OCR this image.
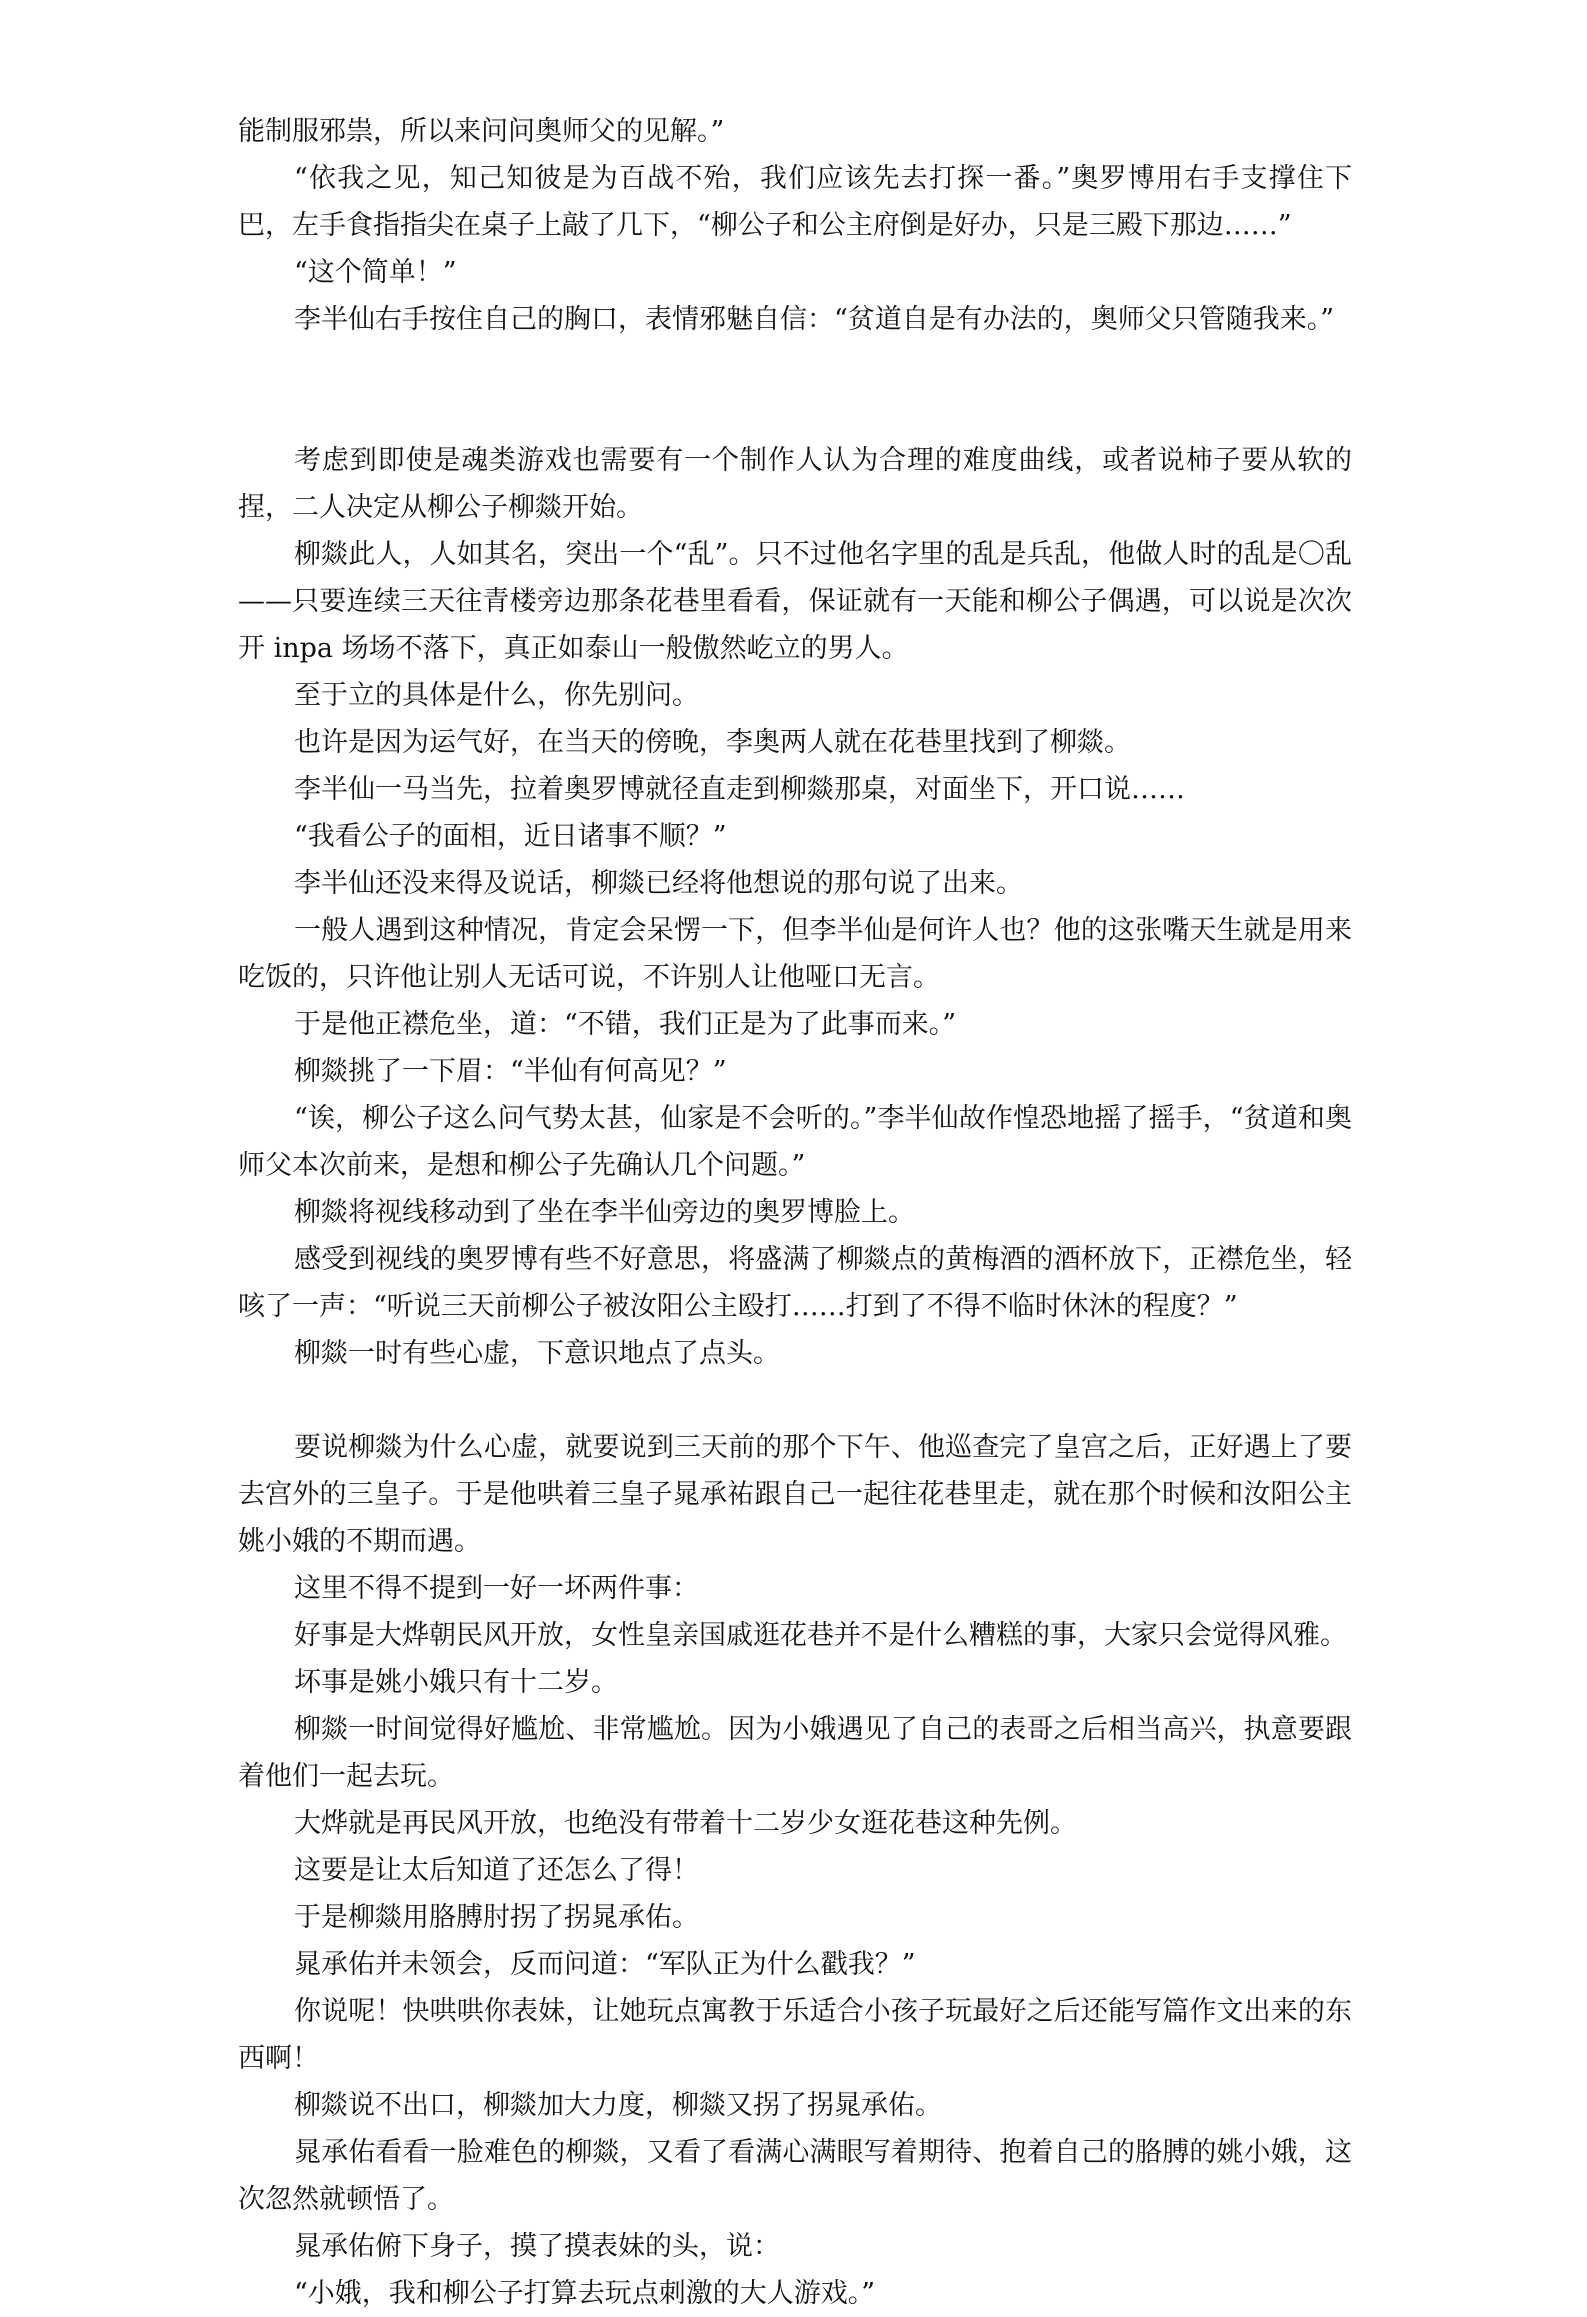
能制服邪祟，所以来问问奥师父的见解。”

“依我之见，知己知彼是为百战不殆，我们应该先去打探一番。”奥罗博用右手支撑住下巴，左手食指指尖在桌子上敲了几下，“柳公子和公主府倒是好办，只是三殿下那边……”

“这个简单！”

李半仙右手按住自己的胸口，表情邪魅自信：“贫道自是有办法的，奥师父只管随我来。”

考虑到即使是魂类游戏也需要有一个制作人认为合理的难度曲线，或者说柿子要从软的捏，二人决定从柳公子柳燚开始。

柳燚此人，人如其名，突出一个“乱”。只不过他名字里的乱是兵乱，他做人时的乱是〇乱——只要连续三天往青楼旁边那条花巷里看看，保证就有一天能和柳公子偶遇，可以说是次次开 inpa 场场不落下，真正如泰山一般傲然屹立的男人。

至于立的具体是什么，你先别问。

也许是因为运气好，在当天的傍晚，李奥两人就在花巷里找到了柳燚。

李半仙一马当先，拉着奥罗博就径直走到柳燚那桌，对面坐下，开口说……

“我看公子的面相，近日诸事不顺？”

李半仙还没来得及说话，柳燚已经将他想说的那句说了出来。

一般人遇到这种情况，肯定会呆愣一下，但李半仙是何许人也？他的这张嘴天生就是用来吃饭的，只许他让别人无话可说，不许别人让他哑口无言。

于是他正襟危坐，道：“不错，我们正是为了此事而来。”

柳燚挑了一下眉：“半仙有何高见？”

“诶，柳公子这么问气势太甚，仙家是不会听的。”李半仙故作惶恐地摇了摇手，“贫道和奥师父本次前来，是想和柳公子先确认几个问题。”

柳燚将视线移动到了坐在李半仙旁边的奥罗博脸上。

感受到视线的奥罗博有些不好意思，将盛满了柳燚点的黄梅酒的酒杯放下，正襟危坐，轻咳了一声：“听说三天前柳公子被汝阳公主殴打……打到了不得不临时休沐的程度？”

柳燚一时有些心虚，下意识地点了点头。

要说柳燚为什么心虚，就要说到三天前的那个下午、他巡查完了皇宫之后，正好遇上了要去宫外的三皇子。于是他哄着三皇子晁承祐跟自己一起往花巷里走，就在那个时候和汝阳公主姚小娥的不期而遇。

这里不得不提到一好一坏两件事：

好事是大烨朝民风开放，女性皇亲国戚逛花巷并不是什么糟糕的事，大家只会觉得风雅。

坏事是姚小娥只有十二岁。

柳燚一时间觉得好尴尬、非常尴尬。因为小娥遇见了自己的表哥之后相当高兴，执意要跟着他们一起去玩。

大烨就是再民风开放，也绝没有带着十二岁少女逛花巷这种先例。

这要是让太后知道了还怎么了得！

于是柳燚用胳膊肘拐了拐晁承佑。

晁承佑并未领会，反而问道：“军队正为什么戳我？”

你说呢！快哄哄你表妹，让她玩点寓教于乐适合小孩子玩最好之后还能写篇作文出来的东西啊！

柳燚说不出口，柳燚加大力度，柳燚又拐了拐晁承佑。

晁承佑看看一脸难色的柳燚，又看了看满心满眼写着期待、抱着自己的胳膊的姚小娥，这次忽然就顿悟了。

晁承佑俯下身子，摸了摸表妹的头，说：

“小娥，我和柳公子打算去玩点刺激的大人游戏。”
